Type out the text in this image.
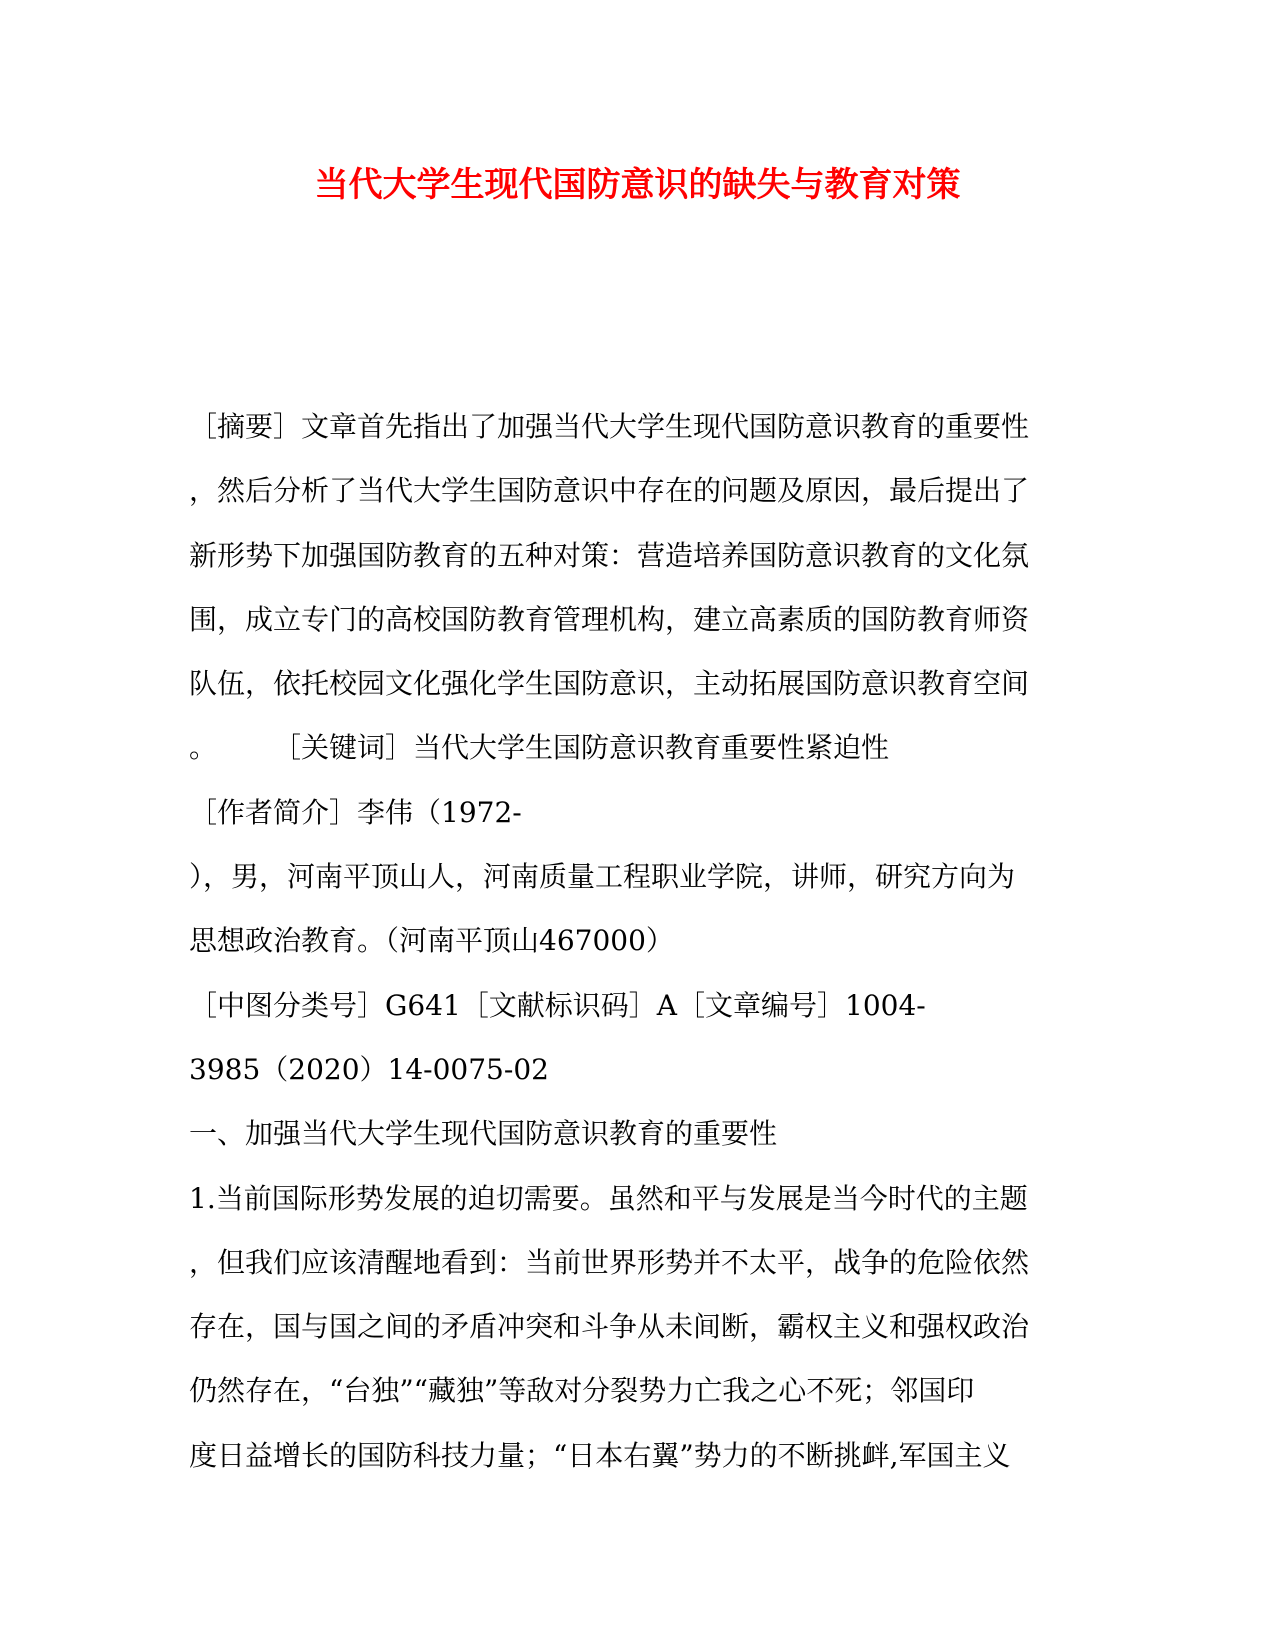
当代大学生现代国防意识的缺失与教育对策
［摘要］文章首先指出了加强当代大学生现代国防意识教育的重要性
，然后分析了当代大学生国防意识中存在的问题及原因，最后提出了
新形势下加强国防教育的五种对策：营造培养国防意识教育的文化氛
围，成立专门的高校国防教育管理机构，建立高素质的国防教育师资
队伍，依托校园文化强化学生国防意识，主动拓展国防意识教育空间
。　　　［关键词］当代大学生国防意识教育重要性紧迫性
［作者简介］李伟（1972-
），男，河南平顶山人，河南质量工程职业学院，讲师，研究方向为
思想政治教育。（河南平顶山467000）
［中图分类号］G641［文献标识码］A［文章编号］1004-
3985（2020）14-0075-02
一、加强当代大学生现代国防意识教育的重要性
1.当前国际形势发展的迫切需要。虽然和平与发展是当今时代的主题
，但我们应该清醒地看到：当前世界形势并不太平，战争的危险依然
存在，国与国之间的矛盾冲突和斗争从未间断，霸权主义和强权政治
仍然存在，“台独”“藏独”等敌对分裂势力亡我之心不死；邻国印
度日益增长的国防科技力量；“日本右翼”势力的不断挑衅,军国主义
